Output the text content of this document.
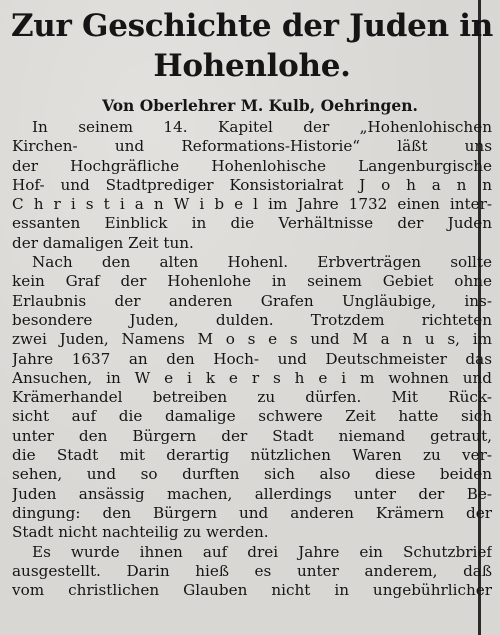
Zur Geschichte der Juden in
Hohenlohe.

Von Oberlehrer M. Kulb, Oehringen.

In seinem 14. Kapitel der „Hohenlohischen
Kirchen- und Reformations-Historie“ läßt uns
der Hochgräfliche Hohenlohische Langenburgische
Hof- und Stadtprediger Konsistorialrat J o h a n n
C h r i s t i a n W i b e l im Jahre 1732 einen inter-
essanten Einblick in die Verhältnisse der Juden
der damaligen Zeit tun.
Nach den alten Hohenl. Erbverträgen sollte
kein Graf der Hohenlohe in seinem Gebiet ohne
Erlaubnis der anderen Grafen Ungläubige, ins-
besondere Juden, dulden. Trotzdem richteten
zwei Juden, Namens M o s e s und M a n u s, im
Jahre 1637 an den Hoch- und Deutschmeister das
Ansuchen, in W e i k e r s h e i m wohnen und
Krämerhandel betreiben zu dürfen. Mit Rück-
sicht auf die damalige schwere Zeit hatte sich
unter den Bürgern der Stadt niemand getraut,
die Stadt mit derartig nützlichen Waren zu ver-
sehen, und so durften sich also diese beiden
Juden ansässig machen, allerdings unter der Be-
dingung: den Bürgern und anderen Krämern der
Stadt nicht nachteilig zu werden.
Es wurde ihnen auf drei Jahre ein Schutzbrief
ausgestellt. Darin hieß es unter anderem, daß
vom christlichen Glauben nicht in ungebührlicher
